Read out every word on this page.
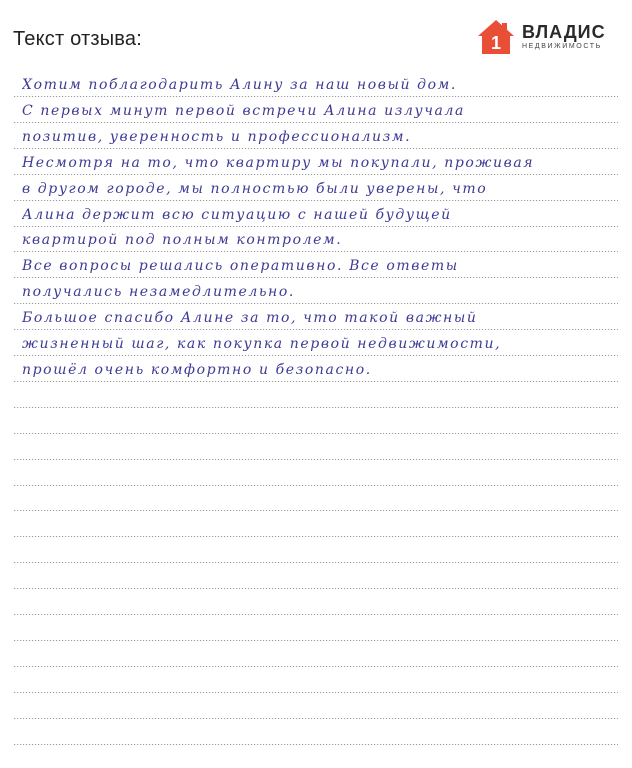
Текст отзыва:	1
ВЛАДИС
НЕДВИЖИМОСТЬ
Хотим поблагодарить Алину за наш новый дом.
С первых минут первой встречи Алина излучала
позитив, уверенность и профессионализм.
Несмотря на то, что квартиру мы покупали, проживая
в другом городе, мы полностью были уверены, что
Алина держит всю ситуацию с нашей будущей
квартирой под полным контролем.
Все вопросы решались оперативно. Все ответы
получались незамедлительно.
Большое спасибо Алине за то, что такой важный
жизненный шаг, как покупка первой недвижимости,
прошёл очень комфортно и безопасно.
